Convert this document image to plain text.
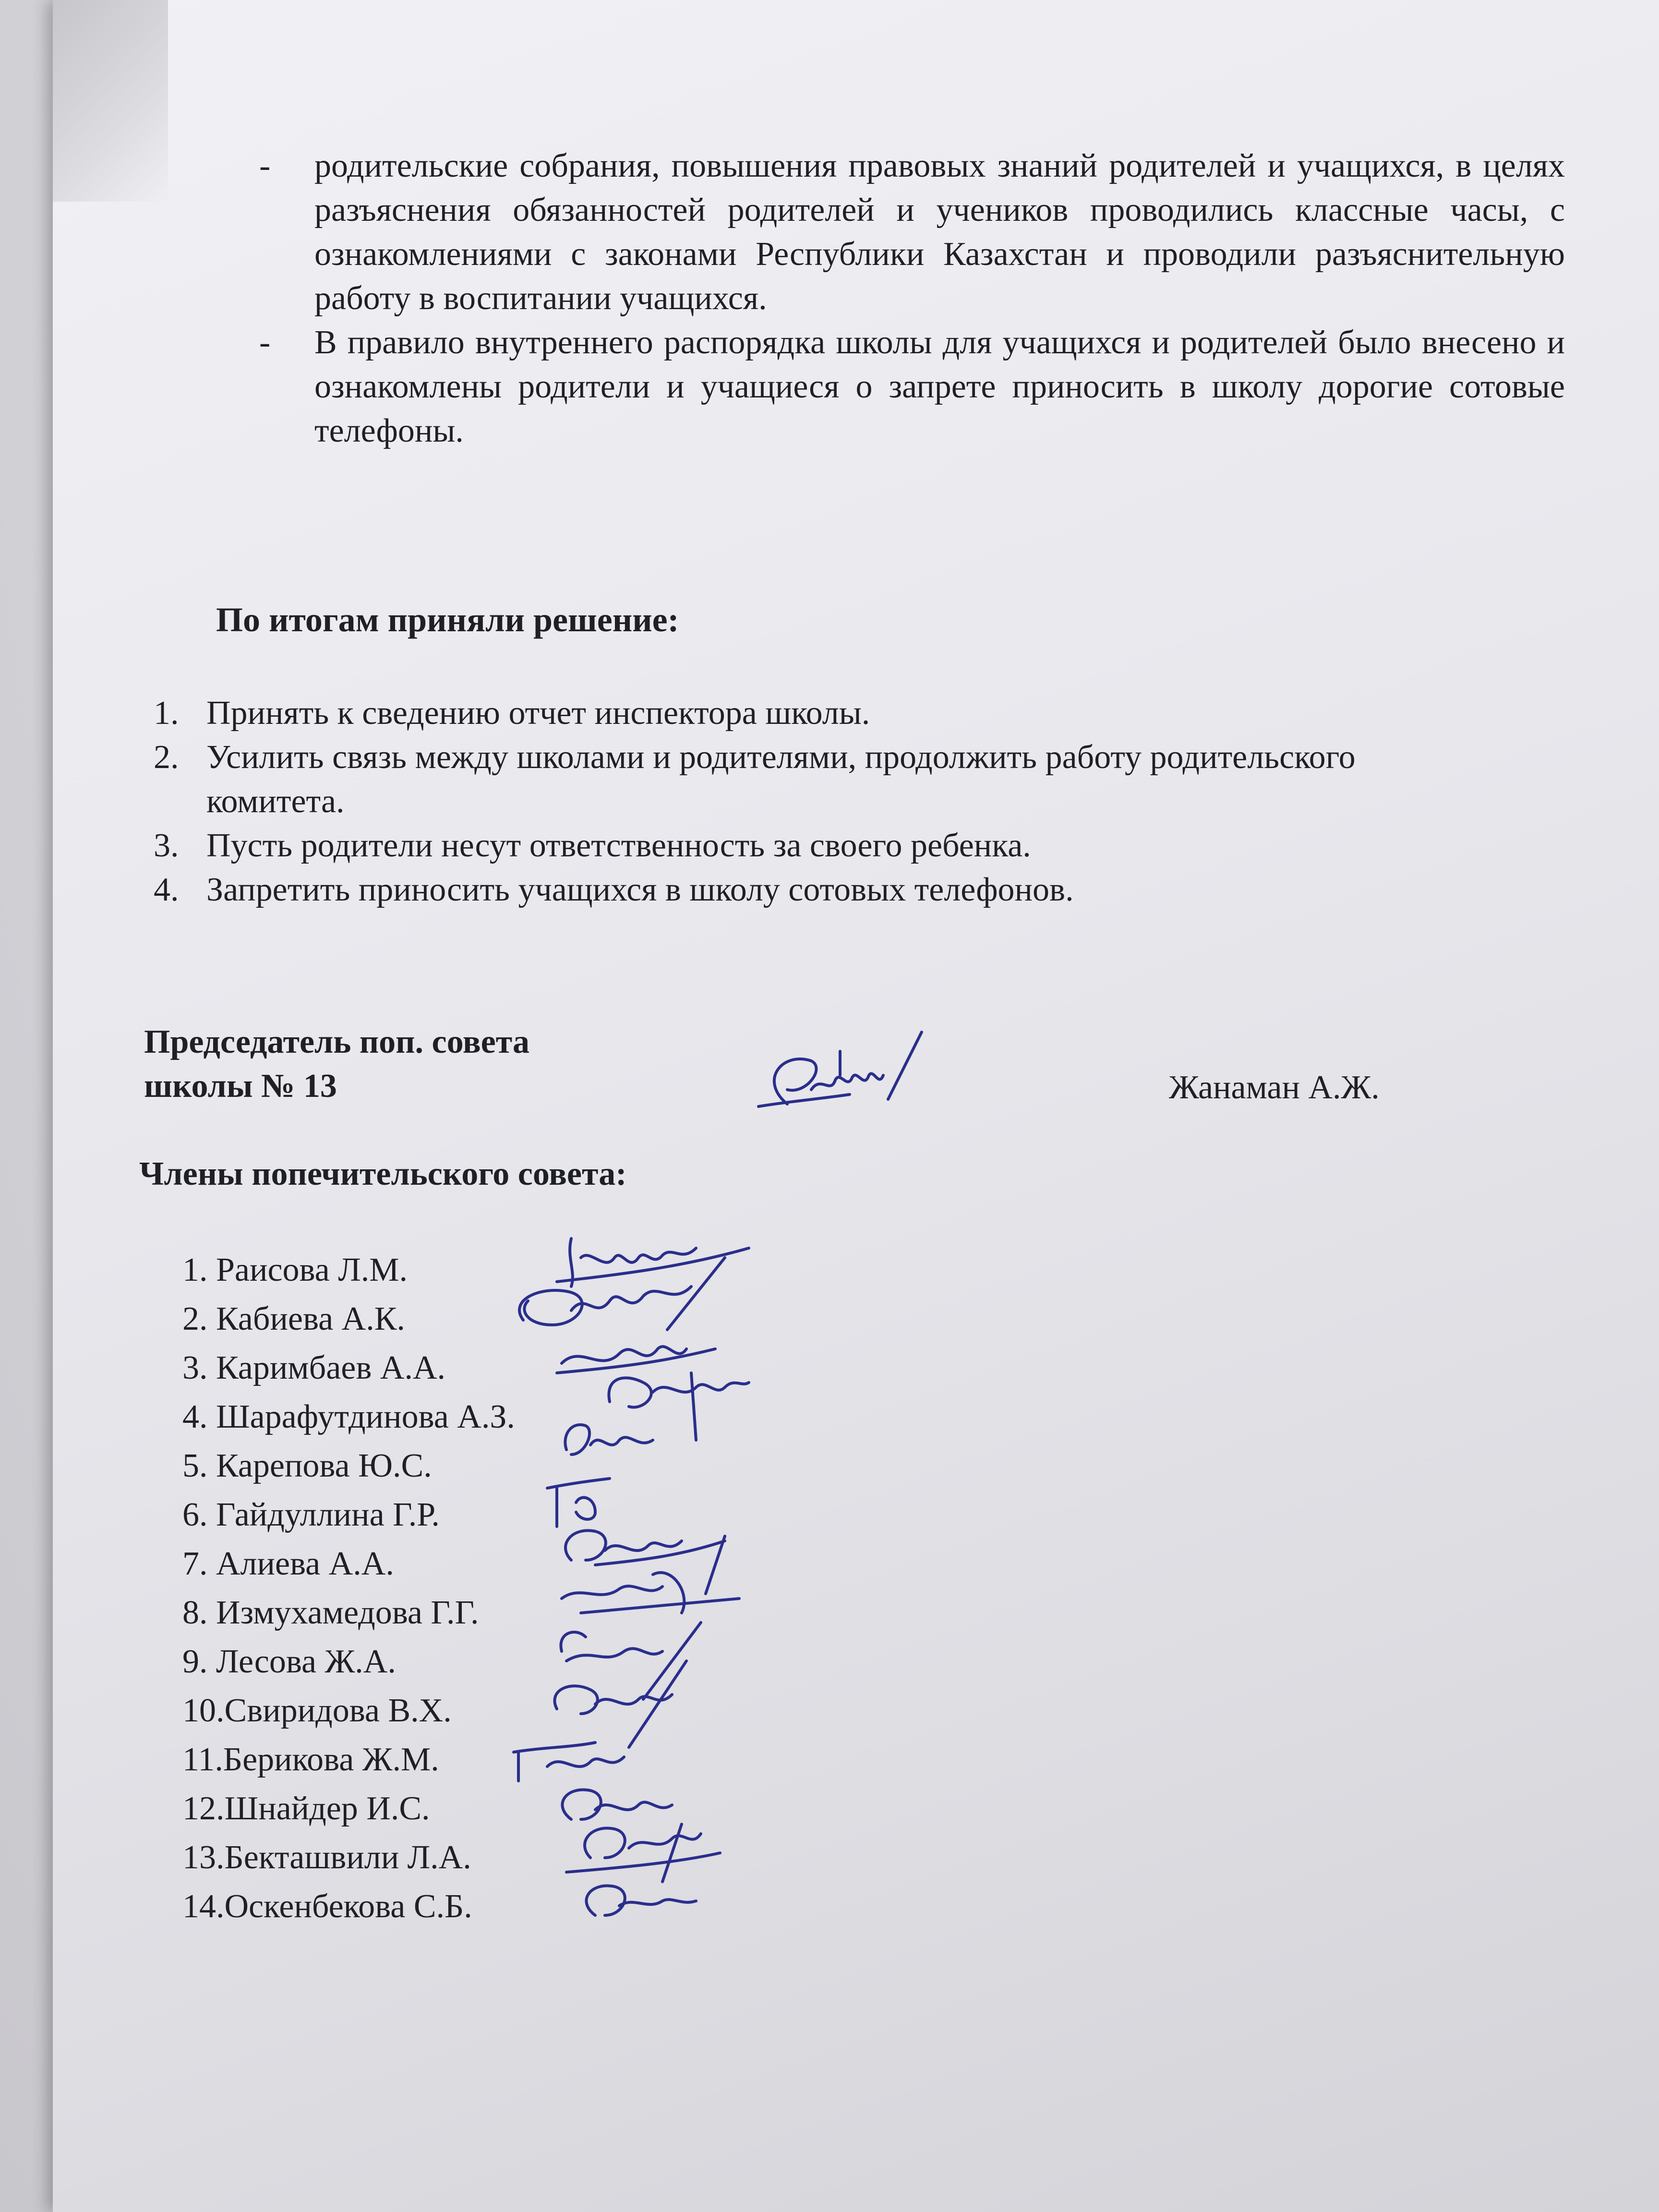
- родительские собрания, повышения правовых знаний родителей и учащихся, в целях разъяснения обязанностей родителей и учеников проводились классные часы, с ознакомлениями с законами Республики Казахстан и проводили разъяснительную работу в воспитании учащихся.
- В правило внутреннего распорядка школы для учащихся и родителей было внесено и ознакомлены родители и учащиеся о запрете приносить в школу дорогие сотовые телефоны.
По итогам приняли решение:
1. Принять к сведению отчет инспектора школы.
2. Усилить связь между школами и родителями, продолжить работу родительского комитета.
3. Пусть родители несут ответственность за своего ребенка.
4. Запретить приносить учащихся в школу сотовых телефонов.
Председатель поп. совета
школы № 13	Жанаман А.Ж.
Члены попечительского совета:
1. Раисова Л.М.
2. Кабиева А.К.
3. Каримбаев А.А.
4. Шарафутдинова А.З.
5. Карепова Ю.С.
6. Гайдуллина Г.Р.
7. Алиева А.А.
8. Измухамедова Г.Г.
9. Лесова Ж.А.
10.Свиридова В.Х.
11.Берикова Ж.М.
12.Шнайдер И.С.
13.Бекташвили Л.А.
14.Оскенбекова С.Б.
